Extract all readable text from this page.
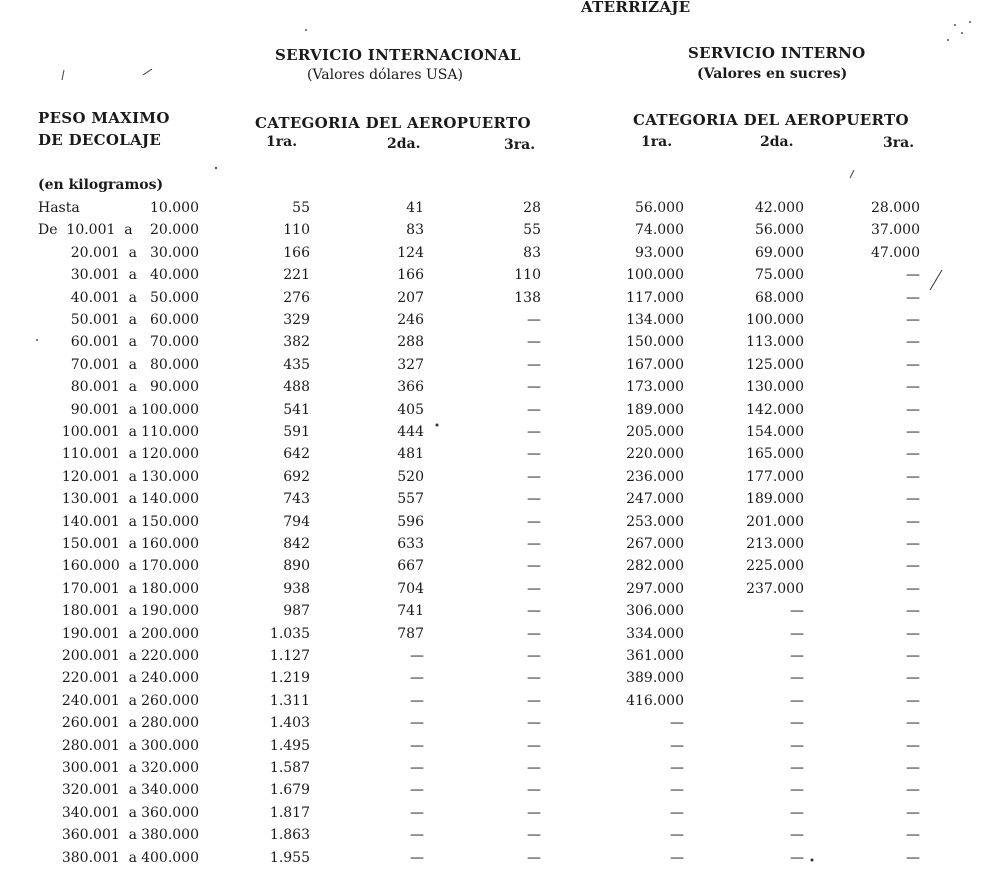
ATERRIZAJE
SERVICIO INTERNACIONAL
(Valores dólares USA)
SERVICIO INTERNO
(Valores en sucres)
PESO MAXIMO
DE DECOLAJE
CATEGORIA DEL AEROPUERTO	CATEGORIA DEL AEROPUERTO
1ra.	2da.	3ra.	1ra.	2da.	3ra.
(en kilogramos)
Hasta	10.000	55	41	28	56.000	42.000	28.000
De  10.001  a 20.000	110	83	55	74.000	56.000	37.000
20.001  a 30.000	166	124	83	93.000	69.000	47.000
30.001  a 40.000	221	166	110	100.000	75.000	—
40.001  a 50.000	276	207	138	117.000	68.000	—
50.001  a 60.000	329	246	—	134.000	100.000	—
60.001  a 70.000	382	288	—	150.000	113.000	—
70.001  a 80.000	435	327	—	167.000	125.000	—
80.001  a 90.000	488	366	—	173.000	130.000	—
90.001  a 100.000	541	405	—	189.000	142.000	—
100.001  a 110.000	591	444	—	205.000	154.000	—
110.001  a 120.000	642	481	—	220.000	165.000	—
120.001  a 130.000	692	520	—	236.000	177.000	—
130.001  a 140.000	743	557	—	247.000	189.000	—
140.001  a 150.000	794	596	—	253.000	201.000	—
150.001  a 160.000	842	633	—	267.000	213.000	—
160.000  a 170.000	890	667	—	282.000	225.000	—
170.001  a 180.000	938	704	—	297.000	237.000	—
180.001  a 190.000	987	741	—	306.000	—	—
190.001  a 200.000	1.035	787	—	334.000	—	—
200.001  a 220.000	1.127	—	—	361.000	—	—
220.001  a 240.000	1.219	—	—	389.000	—	—
240.001  a 260.000	1.311	—	—	416.000	—	—
260.001  a 280.000	1.403	—	—	—	—	—
280.001  a 300.000	1.495	—	—	—	—	—
300.001  a 320.000	1.587	—	—	—	—	—
320.001  a 340.000	1.679	—	—	—	—	—
340.001  a 360.000	1.817	—	—	—	—	—
360.001  a 380.000	1.863	—	—	—	—	—
380.001  a 400.000	1.955	—	—	—	—	—
